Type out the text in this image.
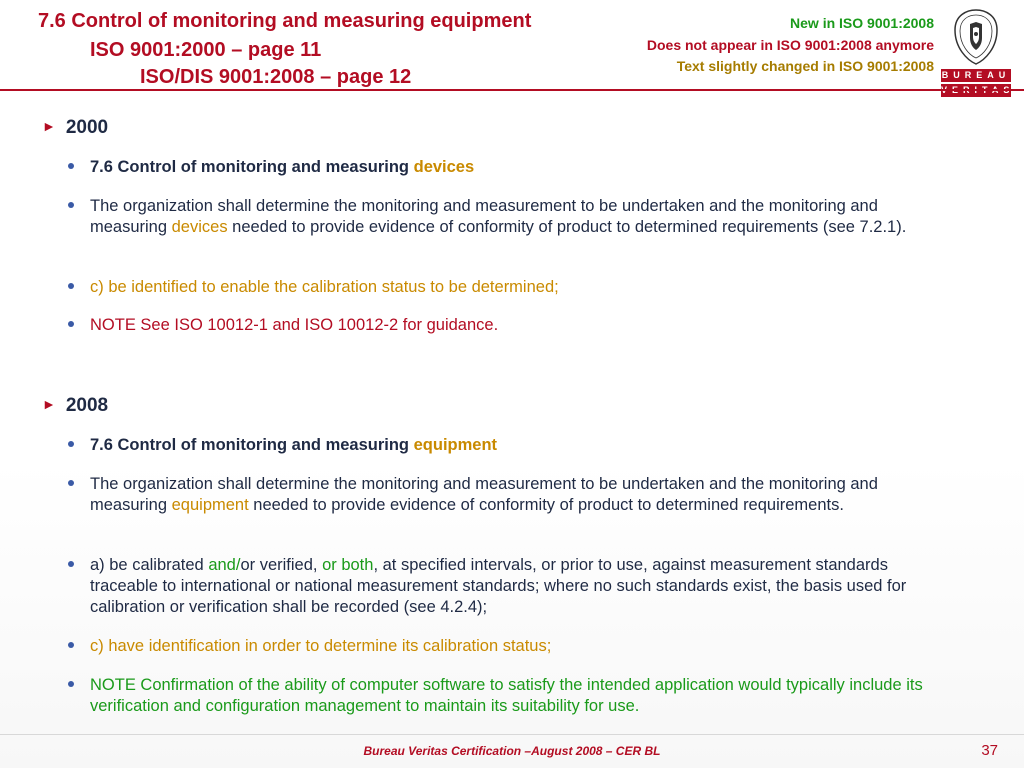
7.6 Control of monitoring and measuring equipment
ISO 9001:2000 – page 11
ISO/DIS 9001:2008 – page 12
New in ISO 9001:2008
Does not appear in ISO 9001:2008 anymore
Text slightly changed in ISO 9001:2008
BUREAU
► 2000
7.6 Control of monitoring and measuring devices
The organization shall determine the monitoring and measurement to be undertaken and the monitoring and measuring devices needed to provide evidence of conformity of product to determined requirements (see 7.2.1).
c) be identified to enable the calibration status to be determined;
NOTE See ISO 10012-1 and ISO 10012-2 for guidance.
► 2008
7.6 Control of monitoring and measuring equipment
The organization shall determine the monitoring and measurement to be undertaken and the monitoring and measuring equipment needed to provide evidence of conformity of product to determined requirements.
a) be calibrated and/or verified, or both, at specified intervals, or prior to use, against measurement standards traceable to international or national measurement standards; where no such standards exist, the basis used for calibration or verification shall be recorded (see 4.2.4);
c) have identification in order to determine its calibration status;
NOTE Confirmation of the ability of computer software to satisfy the intended application would typically include its verification and configuration management to maintain its suitability for use.
Bureau Veritas Certification –August 2008 – CER BL	37
